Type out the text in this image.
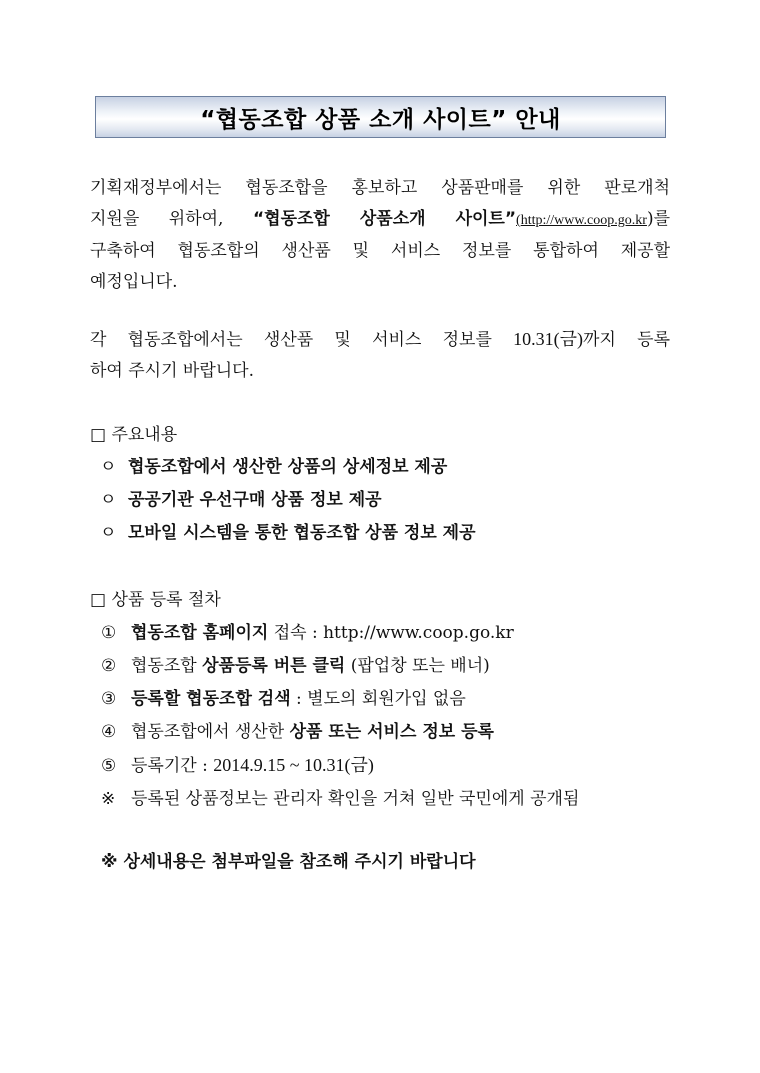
“협동조합 상품 소개 사이트” 안내
기획재정부에서는 협동조합을 홍보하고 상품판매를 위한 판로개척
지원을 위하여, “협동조합 상품소개 사이트”(http://www.coop.go.kr)를
구축하여 협동조합의 생산품 및 서비스 정보를 통합하여 제공할
예정입니다.
각 협동조합에서는 생산품 및 서비스 정보를 10.31(금)까지 등록
하여 주시기 바랍니다.
□ 주요내용
ㅇ 협동조합에서 생산한 상품의 상세정보 제공
ㅇ 공공기관 우선구매 상품 정보 제공
ㅇ 모바일 시스템을 통한 협동조합 상품 정보 제공
□ 상품 등록 절차
① 협동조합 홈페이지 접속 : http://www.coop.go.kr
② 협동조합 상품등록 버튼 클릭 (팝업창 또는 배너)
③ 등록할 협동조합 검색 : 별도의 회원가입 없음
④ 협동조합에서 생산한 상품 또는 서비스 정보 등록
⑤ 등록기간 : 2014.9.15 ~ 10.31(금)
※ 등록된 상품정보는 관리자 확인을 거쳐 일반 국민에게 공개됨
※ 상세내용은 첨부파일을 참조해 주시기 바랍니다
